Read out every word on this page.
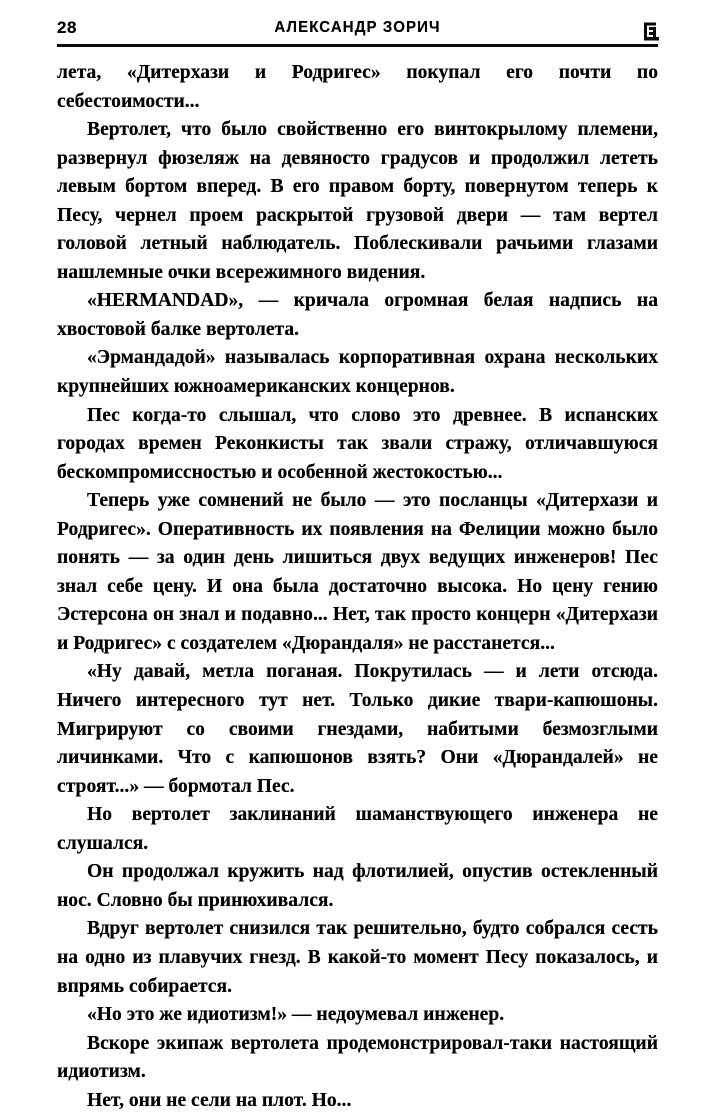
28	АЛЕКСАНДР ЗОРИЧ

лета, «Дитерхази и Родригес» покупал его почти по себестоимости...

Вертолет, что было свойственно его винтокрылому племени, развернул фюзеляж на девяносто градусов и продолжил лететь левым бортом вперед. В его правом борту, повернутом теперь к Песу, чернел проем раскрытой грузовой двери — там вертел головой летный наблюдатель. Поблескивали рачьими глазами нашлемные очки всережимного видения.

«HERMANDAD», — кричала огромная белая надпись на хвостовой балке вертолета.

«Эрмандадой» называлась корпоративная охрана нескольких крупнейших южноамериканских концернов.

Пес когда-то слышал, что слово это древнее. В испанских городах времен Реконкисты так звали стражу, отличавшуюся бескомпромиссностью и особенной жестокостью...

Теперь уже сомнений не было — это посланцы «Дитерхази и Родригес». Оперативность их появления на Фелиции можно было понять — за один день лишиться двух ведущих инженеров! Пес знал себе цену. И она была достаточно высока. Но цену гению Эстерсона он знал и подавно... Нет, так просто концерн «Дитерхази и Родригес» с создателем «Дюрандаля» не расстанется...

«Ну давай, метла поганая. Покрутилась — и лети отсюда. Ничего интересного тут нет. Только дикие твари-капюшоны. Мигрируют со своими гнездами, набитыми безмозглыми личинками. Что с капюшонов взять? Они «Дюрандалей» не строят...» — бормотал Пес.

Но вертолет заклинаний шаманствующего инженера не слушался.

Он продолжал кружить над флотилией, опустив остекленный нос. Словно бы принюхивался.

Вдруг вертолет снизился так решительно, будто собрался сесть на одно из плавучих гнезд. В какой-то момент Песу показалось, и впрямь собирается.

«Но это же идиотизм!» — недоумевал инженер.

Вскоре экипаж вертолета продемонстрировал-таки настоящий идиотизм.

Нет, они не сели на плот. Но...
